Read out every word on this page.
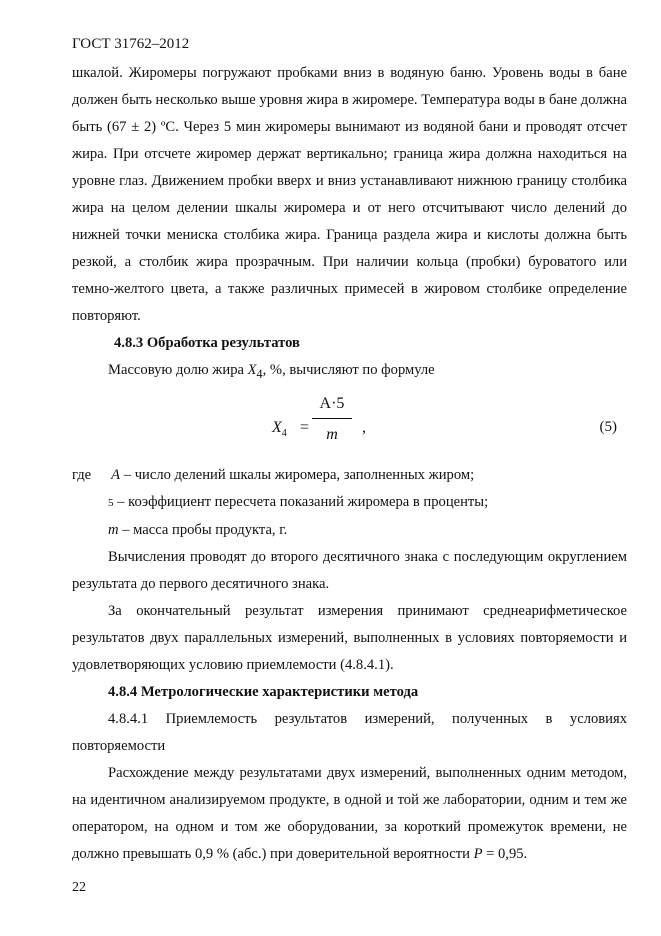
ГОСТ 31762–2012

шкалой. Жиромеры погружают пробками вниз в водяную баню. Уровень воды в бане должен быть несколько выше уровня жира в жиромере. Температура воды в бане должна быть (67 ± 2) ºС. Через 5 мин жиромеры вынимают из водяной бани и проводят отсчет жира. При отсчете жиромер держат вертикально; граница жира должна находиться на уровне глаз. Движением пробки вверх и вниз устанавливают нижнюю границу столбика жира на целом делении шкалы жиромера и от него отсчитывают число делений до нижней точки мениска столбика жира. Граница раздела жира и кислоты должна быть резкой, а столбик жира прозрачным. При наличии кольца (пробки) буроватого или темно-желтого цвета, а также различных примесей в жировом столбике определение повторяют.

4.8.3 Обработка результатов

Массовую долю жира $X_4$, %, вычисляют по формуле

$X_4$ =
A·5
m	,	(5)

где A – число делений шкалы жиромера, заполненных жиром;

5 – коэффициент пересчета показаний жиромера в проценты;

m – масса пробы продукта, г.

Вычисления проводят до второго десятичного знака с последующим округлением результата до первого десятичного знака.

За окончательный результат измерения принимают среднеарифметическое результатов двух параллельных измерений, выполненных в условиях повторяемости и удовлетворяющих условию приемлемости (4.8.4.1).

4.8.4 Метрологические характеристики метода

4.8.4.1 Приемлемость результатов измерений, полученных в условиях повторяемости

Расхождение между результатами двух измерений, выполненных одним методом, на идентичном анализируемом продукте, в одной и той же лаборатории, одним и тем же оператором, на одном и том же оборудовании, за короткий промежуток времени, не должно превышать 0,9 % (абс.) при доверительной вероятности P = 0,95.

22
